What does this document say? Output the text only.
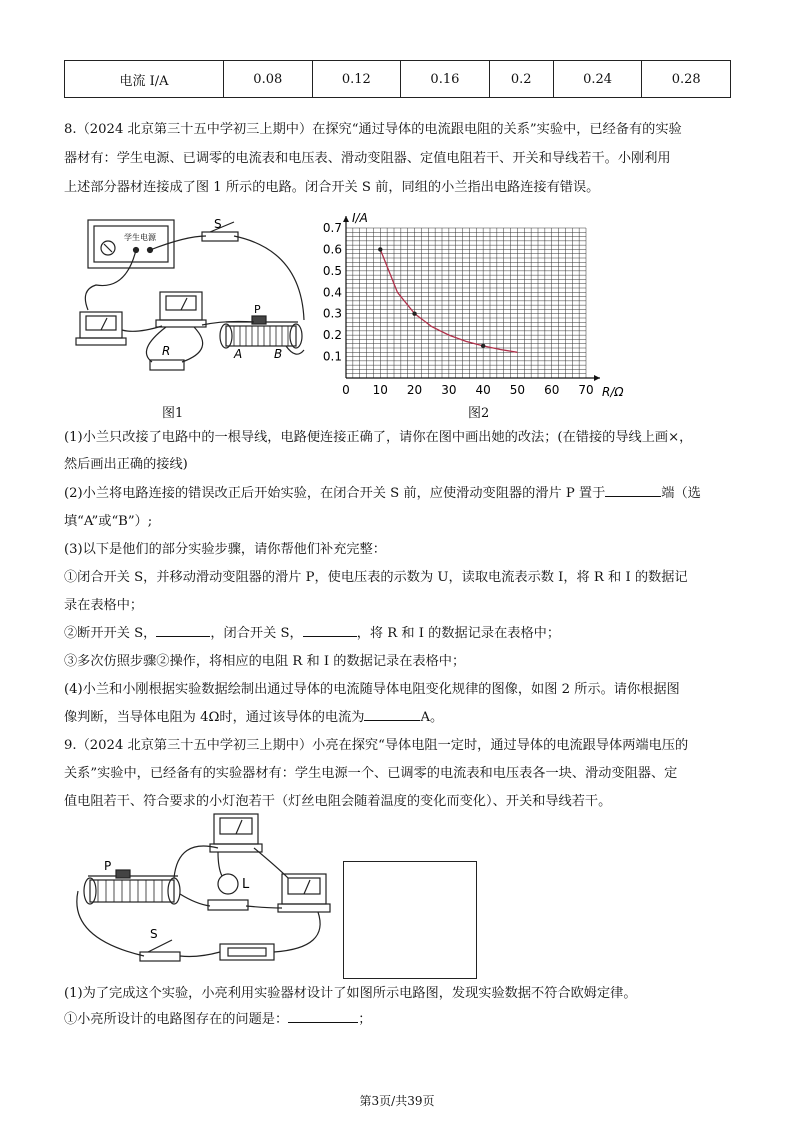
电流 I/A	0.08	0.12	0.16	0.2	0.24	0.28

8.（2024 北京第三十五中学初三上期中）在探究“通过导体的电流跟电阻的关系”实验中，已经备有的实验

器材有：学生电源、已调零的电流表和电压表、滑动变阻器、定值电阻若干、开关和导线若干。小刚利用

上述部分器材连接成了图 1 所示的电路。闭合开关 S 前，同组的小兰指出电路连接有错误。

学生电源
S
P
R	A	B
图1
0 10 20 30 40 50 60 70
0.1
0.2
0.3
0.4
0.5
0.6
0.7
I/A
R/Ω
图2

(1)小兰只改接了电路中的一根导线，电路便连接正确了，请你在图中画出她的改法；(在错接的导线上画×，

然后画出正确的接线)

(2)小兰将电路连接的错误改正后开始实验，在闭合开关 S 前，应使滑动变阻器的滑片 P 置于	端（选

填“A”或“B”）;

(3)以下是他们的部分实验步骤，请你帮他们补充完整：

①闭合开关 S，并移动滑动变阻器的滑片 P，使电压表的示数为 U，读取电流表示数 I，将 R 和 I 的数据记

录在表格中；

②断开开关 S，	，闭合开关 S，	，将 R 和 I 的数据记录在表格中；

③多次仿照步骤②操作，将相应的电阻 R 和 I 的数据记录在表格中；

(4)小兰和小刚根据实验数据绘制出通过导体的电流随导体电阻变化规律的图像，如图 2 所示。请你根据图

像判断，当导体电阻为 4Ω时，通过该导体的电流为	A。

9.（2024 北京第三十五中学初三上期中）小亮在探究“导体电阻一定时，通过导体的电流跟导体两端电压的

关系”实验中，已经备有的实验器材有：学生电源一个、已调零的电流表和电压表各一块、滑动变阻器、定

值电阻若干、符合要求的小灯泡若干（灯丝电阻会随着温度的变化而变化）、开关和导线若干。

P
L
S

(1)为了完成这个实验，小亮利用实验器材设计了如图所示电路图，发现实验数据不符合欧姆定律。

①小亮所设计的电路图存在的问题是：	；

第3页/共39页
